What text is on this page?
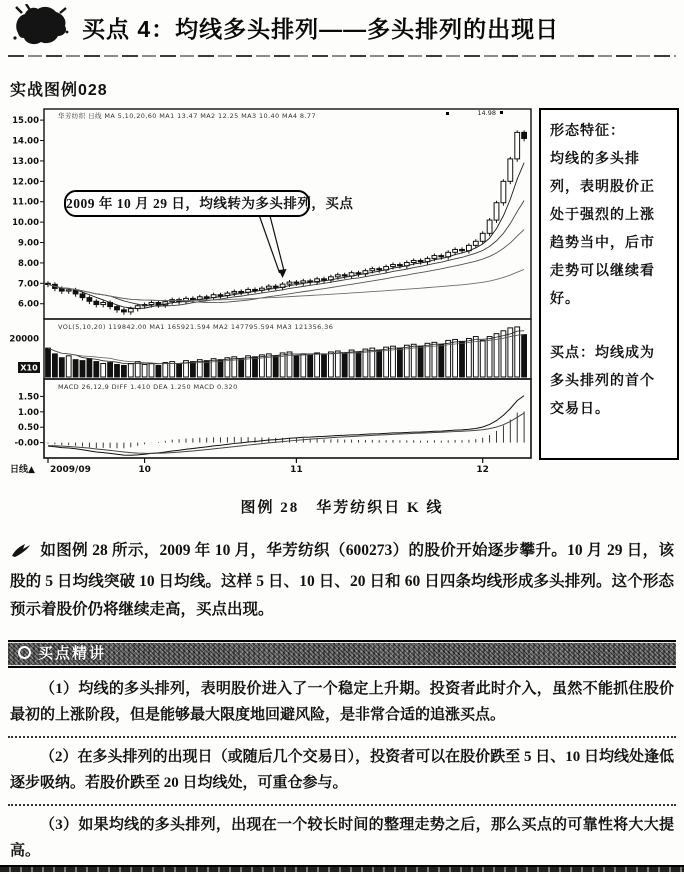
买点 4：均线多头排列——多头排列的出现日
实战图例028
15.00
14.00
13.00
12.00
11.00
10.00
9.00
8.00
7.00
6.00
20000
X10
1.50
1.00
0.50
-0.00
14.98
日线▲ 2009/09	10	11	12
华芳纺织 日线 MA 5,10,20,60 MA1 13.47 MA2 12.25 MA3 10.40 MA4 8.77
VOL(5,10,20) 119842.00 MA1 165921.594 MA2 147795.594 MA3 121356.36
MACD 26,12,9 DIFF 1.410 DEA 1.250 MACD 0.320
2009 年 10 月 29 日，均线转为多头排列，买点
形态特征：
均线的多头排列，表明股价正处于强烈的上涨趋势当中，后市走势可以继续看好。
买点：均线成为多头排列的首个交易日。
图例 28　华芳纺织日 K 线

如图例 28 所示，2009 年 10 月，华芳纺织（600273）的股价开始逐步攀升。10 月 29 日，该股的 5 日均线突破 10 日均线。这样 5 日、10 日、20 日和 60 日四条均线形成多头排列。这个形态预示着股价仍将继续走高，买点出现。

买点精讲

（1）均线的多头排列，表明股价进入了一个稳定上升期。投资者此时介入，虽然不能抓住股价最初的上涨阶段，但是能够最大限度地回避风险，是非常合适的追涨买点。

（2）在多头排列的出现日（或随后几个交易日），投资者可以在股价跌至 5 日、10 日均线处逢低逐步吸纳。若股价跌至 20 日均线处，可重仓参与。

（3）如果均线的多头排列，出现在一个较长时间的整理走势之后，那么买点的可靠性将大大提高。
